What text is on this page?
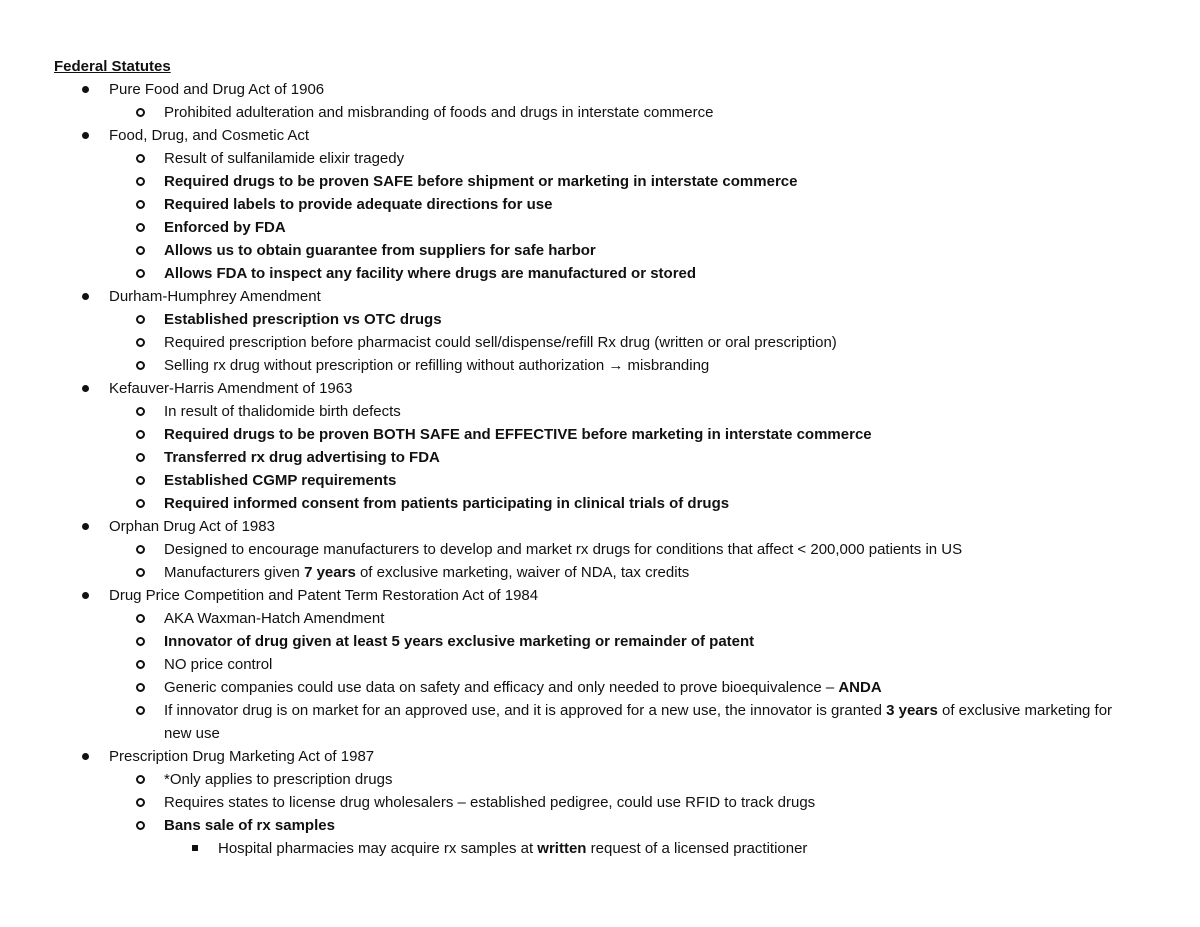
Federal Statutes
Pure Food and Drug Act of 1906
Prohibited adulteration and misbranding of foods and drugs in interstate commerce
Food, Drug, and Cosmetic Act
Result of sulfanilamide elixir tragedy
Required drugs to be proven SAFE before shipment or marketing in interstate commerce
Required labels to provide adequate directions for use
Enforced by FDA
Allows us to obtain guarantee from suppliers for safe harbor
Allows FDA to inspect any facility where drugs are manufactured or stored
Durham-Humphrey Amendment
Established prescription vs OTC drugs
Required prescription before pharmacist could sell/dispense/refill Rx drug (written or oral prescription)
Selling rx drug without prescription or refilling without authorization → misbranding
Kefauver-Harris Amendment of 1963
In result of thalidomide birth defects
Required drugs to be proven BOTH SAFE and EFFECTIVE before marketing in interstate commerce
Transferred rx drug advertising to FDA
Established CGMP requirements
Required informed consent from patients participating in clinical trials of drugs
Orphan Drug Act of 1983
Designed to encourage manufacturers to develop and market rx drugs for conditions that affect < 200,000 patients in US
Manufacturers given 7 years of exclusive marketing, waiver of NDA, tax credits
Drug Price Competition and Patent Term Restoration Act of 1984
AKA Waxman-Hatch Amendment
Innovator of drug given at least 5 years exclusive marketing or remainder of patent
NO price control
Generic companies could use data on safety and efficacy and only needed to prove bioequivalence – ANDA
If innovator drug is on market for an approved use, and it is approved for a new use, the innovator is granted 3 years of exclusive marketing for new use
Prescription Drug Marketing Act of 1987
*Only applies to prescription drugs
Requires states to license drug wholesalers – established pedigree, could use RFID to track drugs
Bans sale of rx samples
Hospital pharmacies may acquire rx samples at written request of a licensed practitioner
